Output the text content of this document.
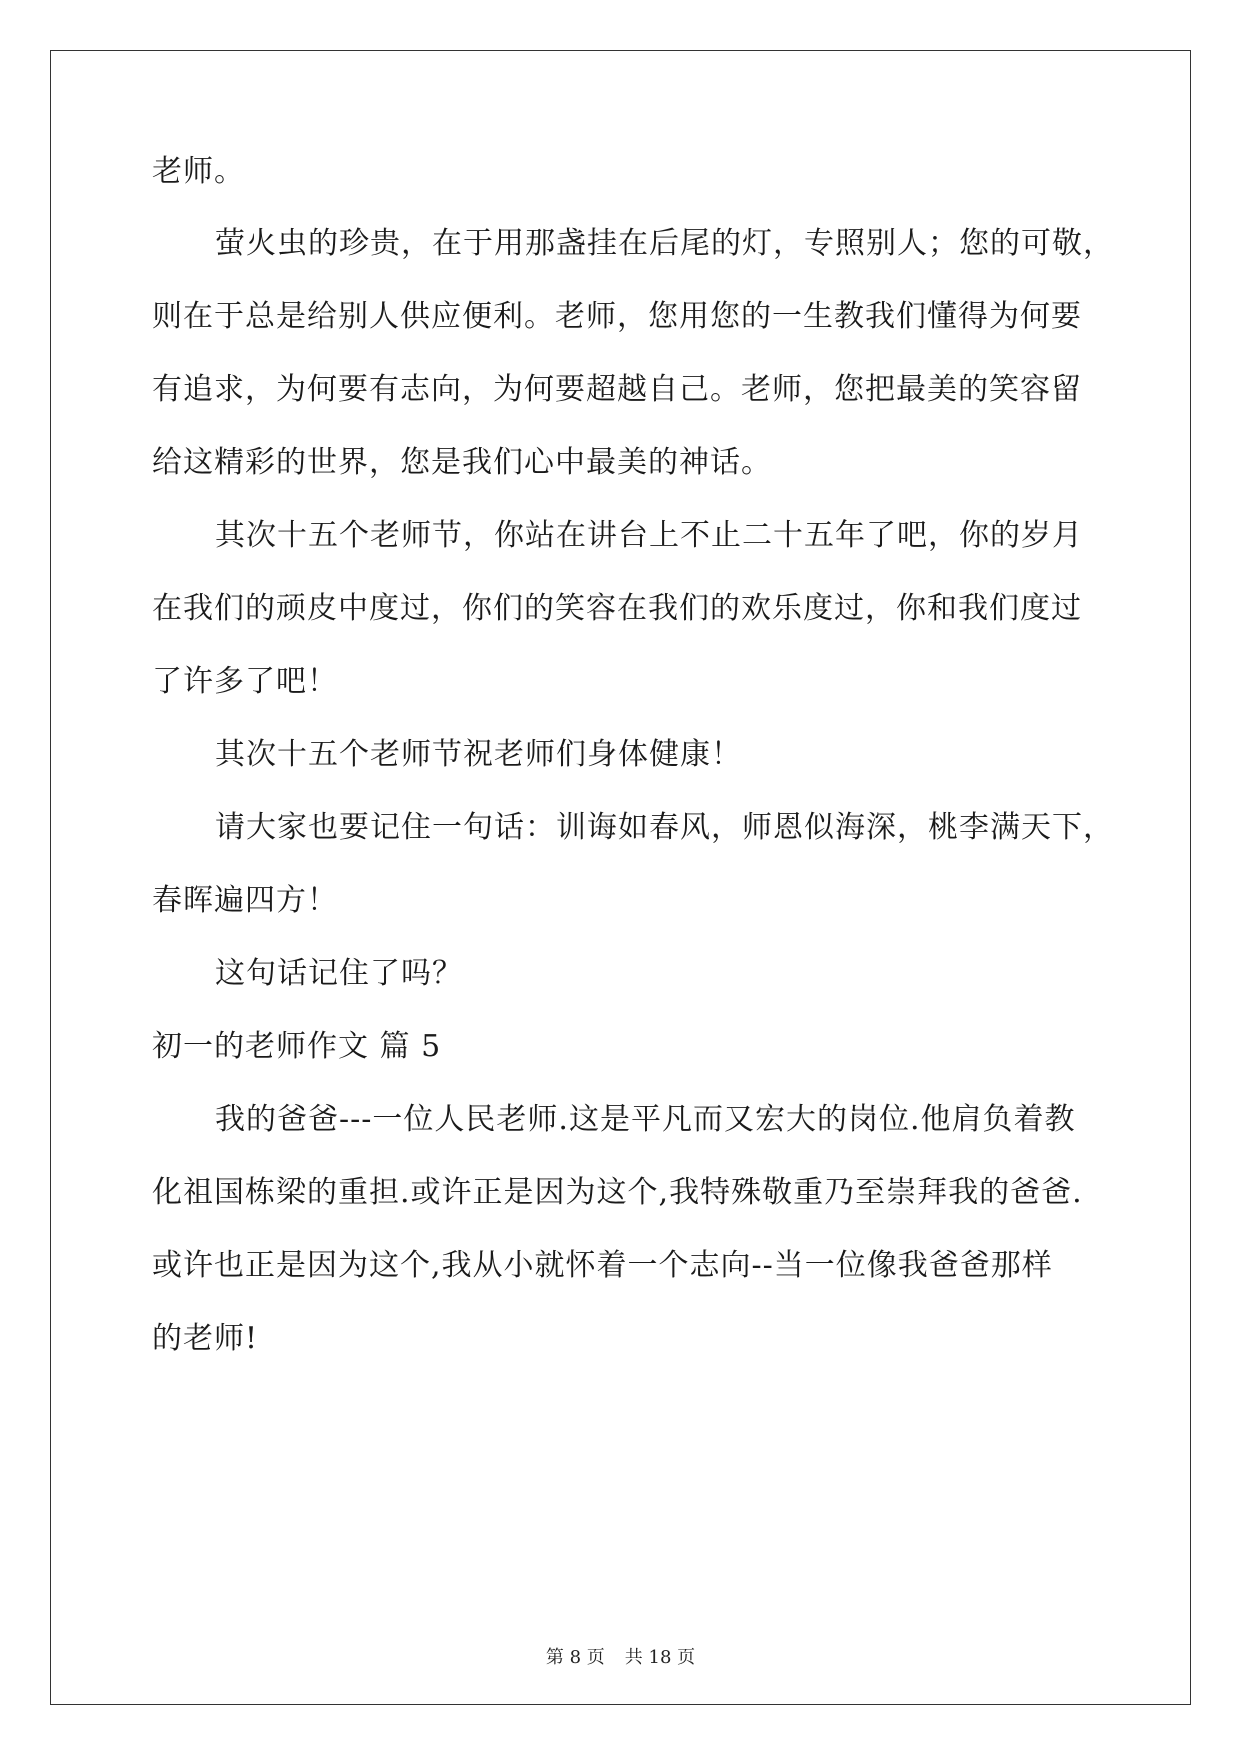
老师。
萤火虫的珍贵，在于用那盏挂在后尾的灯，专照别人；您的可敬，
则在于总是给别人供应便利。老师，您用您的一生教我们懂得为何要
有追求，为何要有志向，为何要超越自己。老师，您把最美的笑容留
给这精彩的世界，您是我们心中最美的神话。
其次十五个老师节，你站在讲台上不止二十五年了吧，你的岁月
在我们的顽皮中度过，你们的笑容在我们的欢乐度过，你和我们度过
了许多了吧！
其次十五个老师节祝老师们身体健康！
请大家也要记住一句话：训诲如春风，师恩似海深，桃李满天下，
春晖遍四方！
这句话记住了吗？
初一的老师作文 篇 5
我的爸爸---一位人民老师.这是平凡而又宏大的岗位.他肩负着教
化祖国栋梁的重担.或许正是因为这个,我特殊敬重乃至崇拜我的爸爸.
或许也正是因为这个,我从小就怀着一个志向--当一位像我爸爸那样
的老师!
第 8 页 共 18 页
